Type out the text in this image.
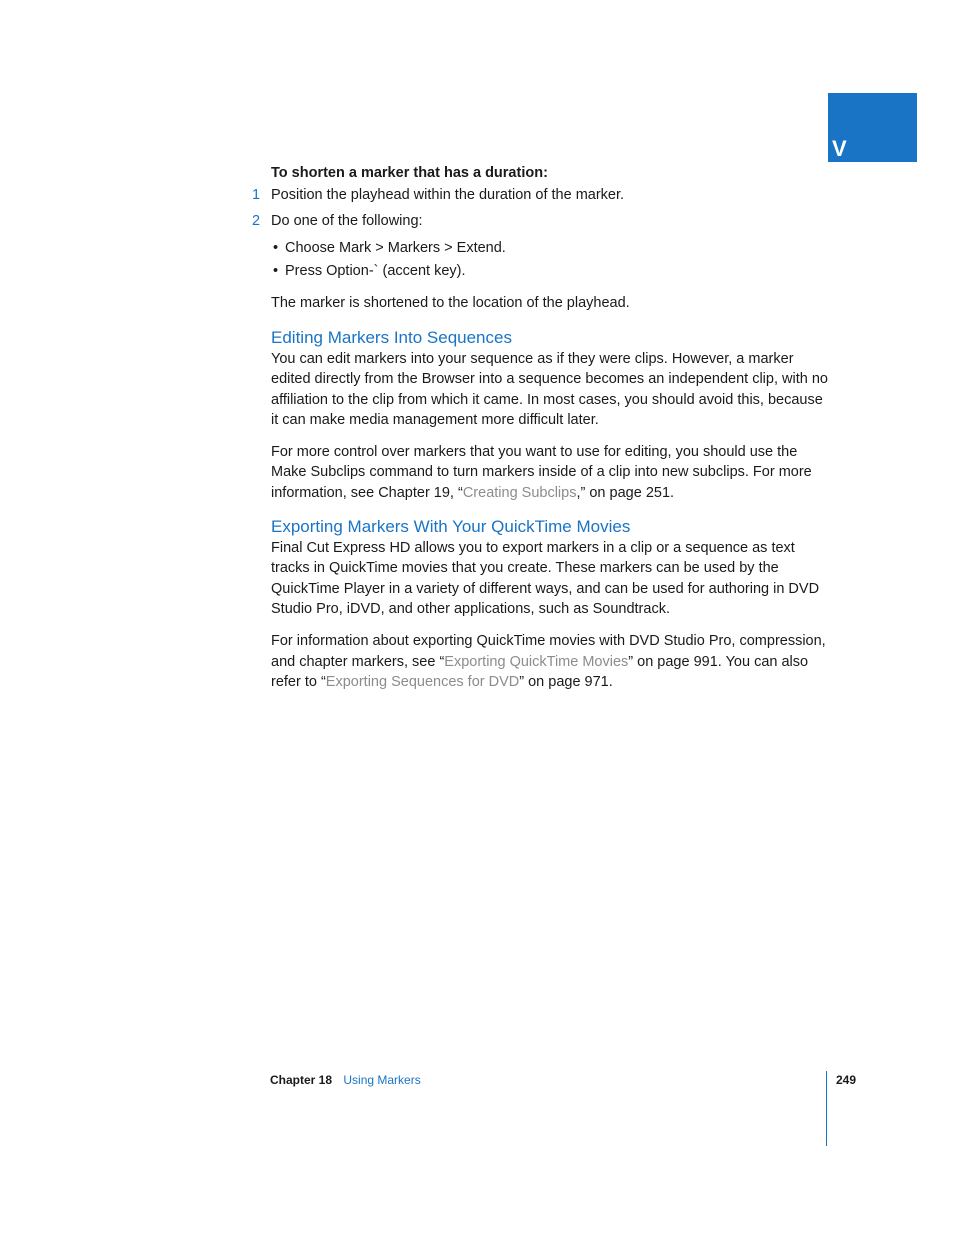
V

To shorten a marker that has a duration:

1 Position the playhead within the duration of the marker.

2 Do one of the following:

• Choose Mark > Markers > Extend.
• Press Option-` (accent key).

The marker is shortened to the location of the playhead.

Editing Markers Into Sequences

You can edit markers into your sequence as if they were clips. However, a marker edited directly from the Browser into a sequence becomes an independent clip, with no affiliation to the clip from which it came. In most cases, you should avoid this, because it can make media management more difficult later.

For more control over markers that you want to use for editing, you should use the Make Subclips command to turn markers inside of a clip into new subclips. For more information, see Chapter 19, “Creating Subclips,” on page 251.

Exporting Markers With Your QuickTime Movies

Final Cut Express HD allows you to export markers in a clip or a sequence as text tracks in QuickTime movies that you create. These markers can be used by the QuickTime Player in a variety of different ways, and can be used for authoring in DVD Studio Pro, iDVD, and other applications, such as Soundtrack.

For information about exporting QuickTime movies with DVD Studio Pro, compression, and chapter markers, see “Exporting QuickTime Movies” on page 991. You can also refer to “Exporting Sequences for DVD” on page 971.

Chapter 18 Using Markers	249
